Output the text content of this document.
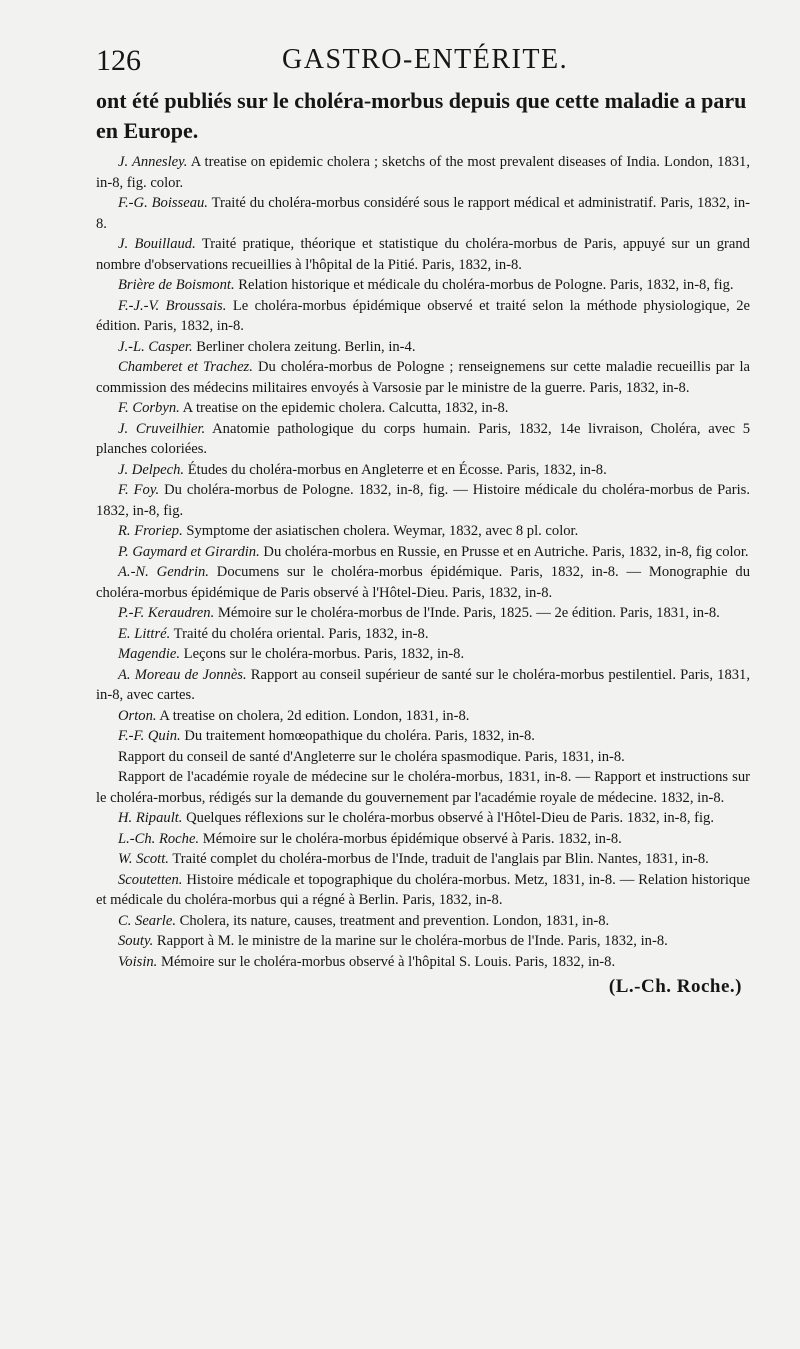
126	GASTRO-ENTÉRITE.

ont été publiés sur le choléra-morbus depuis que cette maladie a paru en Europe.

J. Annesley. A treatise on epidemic cholera ; sketchs of the most prevalent diseases of India. London, 1831, in-8, fig. color.

F.-G. Boisseau. Traité du choléra-morbus considéré sous le rapport médical et administratif. Paris, 1832, in-8.

J. Bouillaud. Traité pratique, théorique et statistique du choléra-morbus de Paris, appuyé sur un grand nombre d'observations recueillies à l'hôpital de la Pitié. Paris, 1832, in-8.

Brière de Boismont. Relation historique et médicale du choléra-morbus de Pologne. Paris, 1832, in-8, fig.

F.-J.-V. Broussais. Le choléra-morbus épidémique observé et traité selon la méthode physiologique, 2e édition. Paris, 1832, in-8.

J.-L. Casper. Berliner cholera zeitung. Berlin, in-4.

Chamberet et Trachez. Du choléra-morbus de Pologne ; renseignemens sur cette maladie recueillis par la commission des médecins militaires envoyés à Varsosie par le ministre de la guerre. Paris, 1832, in-8.

F. Corbyn. A treatise on the epidemic cholera. Calcutta, 1832, in-8.

J. Cruveilhier. Anatomie pathologique du corps humain. Paris, 1832, 14e livraison, Choléra, avec 5 planches coloriées.

J. Delpech. Études du choléra-morbus en Angleterre et en Écosse. Paris, 1832, in-8.

F. Foy. Du choléra-morbus de Pologne. 1832, in-8, fig. — Histoire médicale du choléra-morbus de Paris. 1832, in-8, fig.

R. Froriep. Symptome der asiatischen cholera. Weymar, 1832, avec 8 pl. color.

P. Gaymard et Girardin. Du choléra-morbus en Russie, en Prusse et en Autriche. Paris, 1832, in-8, fig color.

A.-N. Gendrin. Documens sur le choléra-morbus épidémique. Paris, 1832, in-8. — Monographie du choléra-morbus épidémique de Paris observé à l'Hôtel-Dieu. Paris, 1832, in-8.

P.-F. Keraudren. Mémoire sur le choléra-morbus de l'Inde. Paris, 1825. — 2e édition. Paris, 1831, in-8.

E. Littré. Traité du choléra oriental. Paris, 1832, in-8.

Magendie. Leçons sur le choléra-morbus. Paris, 1832, in-8.

A. Moreau de Jonnès. Rapport au conseil supérieur de santé sur le choléra-morbus pestilentiel. Paris, 1831, in-8, avec cartes.

Orton. A treatise on cholera, 2d edition. London, 1831, in-8.

F.-F. Quin. Du traitement homœopathique du choléra. Paris, 1832, in-8.

Rapport du conseil de santé d'Angleterre sur le choléra spasmodique. Paris, 1831, in-8.

Rapport de l'académie royale de médecine sur le choléra-morbus, 1831, in-8. — Rapport et instructions sur le choléra-morbus, rédigés sur la demande du gouvernement par l'académie royale de médecine. 1832, in-8.

H. Ripault. Quelques réflexions sur le choléra-morbus observé à l'Hôtel-Dieu de Paris. 1832, in-8, fig.

L.-Ch. Roche. Mémoire sur le choléra-morbus épidémique observé à Paris. 1832, in-8.

W. Scott. Traité complet du choléra-morbus de l'Inde, traduit de l'anglais par Blin. Nantes, 1831, in-8.

Scoutetten. Histoire médicale et topographique du choléra-morbus. Metz, 1831, in-8. — Relation historique et médicale du choléra-morbus qui a régné à Berlin. Paris, 1832, in-8.

C. Searle. Cholera, its nature, causes, treatment and prevention. London, 1831, in-8.

Souty. Rapport à M. le ministre de la marine sur le choléra-morbus de l'Inde. Paris, 1832, in-8.

Voisin. Mémoire sur le choléra-morbus observé à l'hôpital S. Louis. Paris, 1832, in-8.

(L.-Ch. Roche.)
